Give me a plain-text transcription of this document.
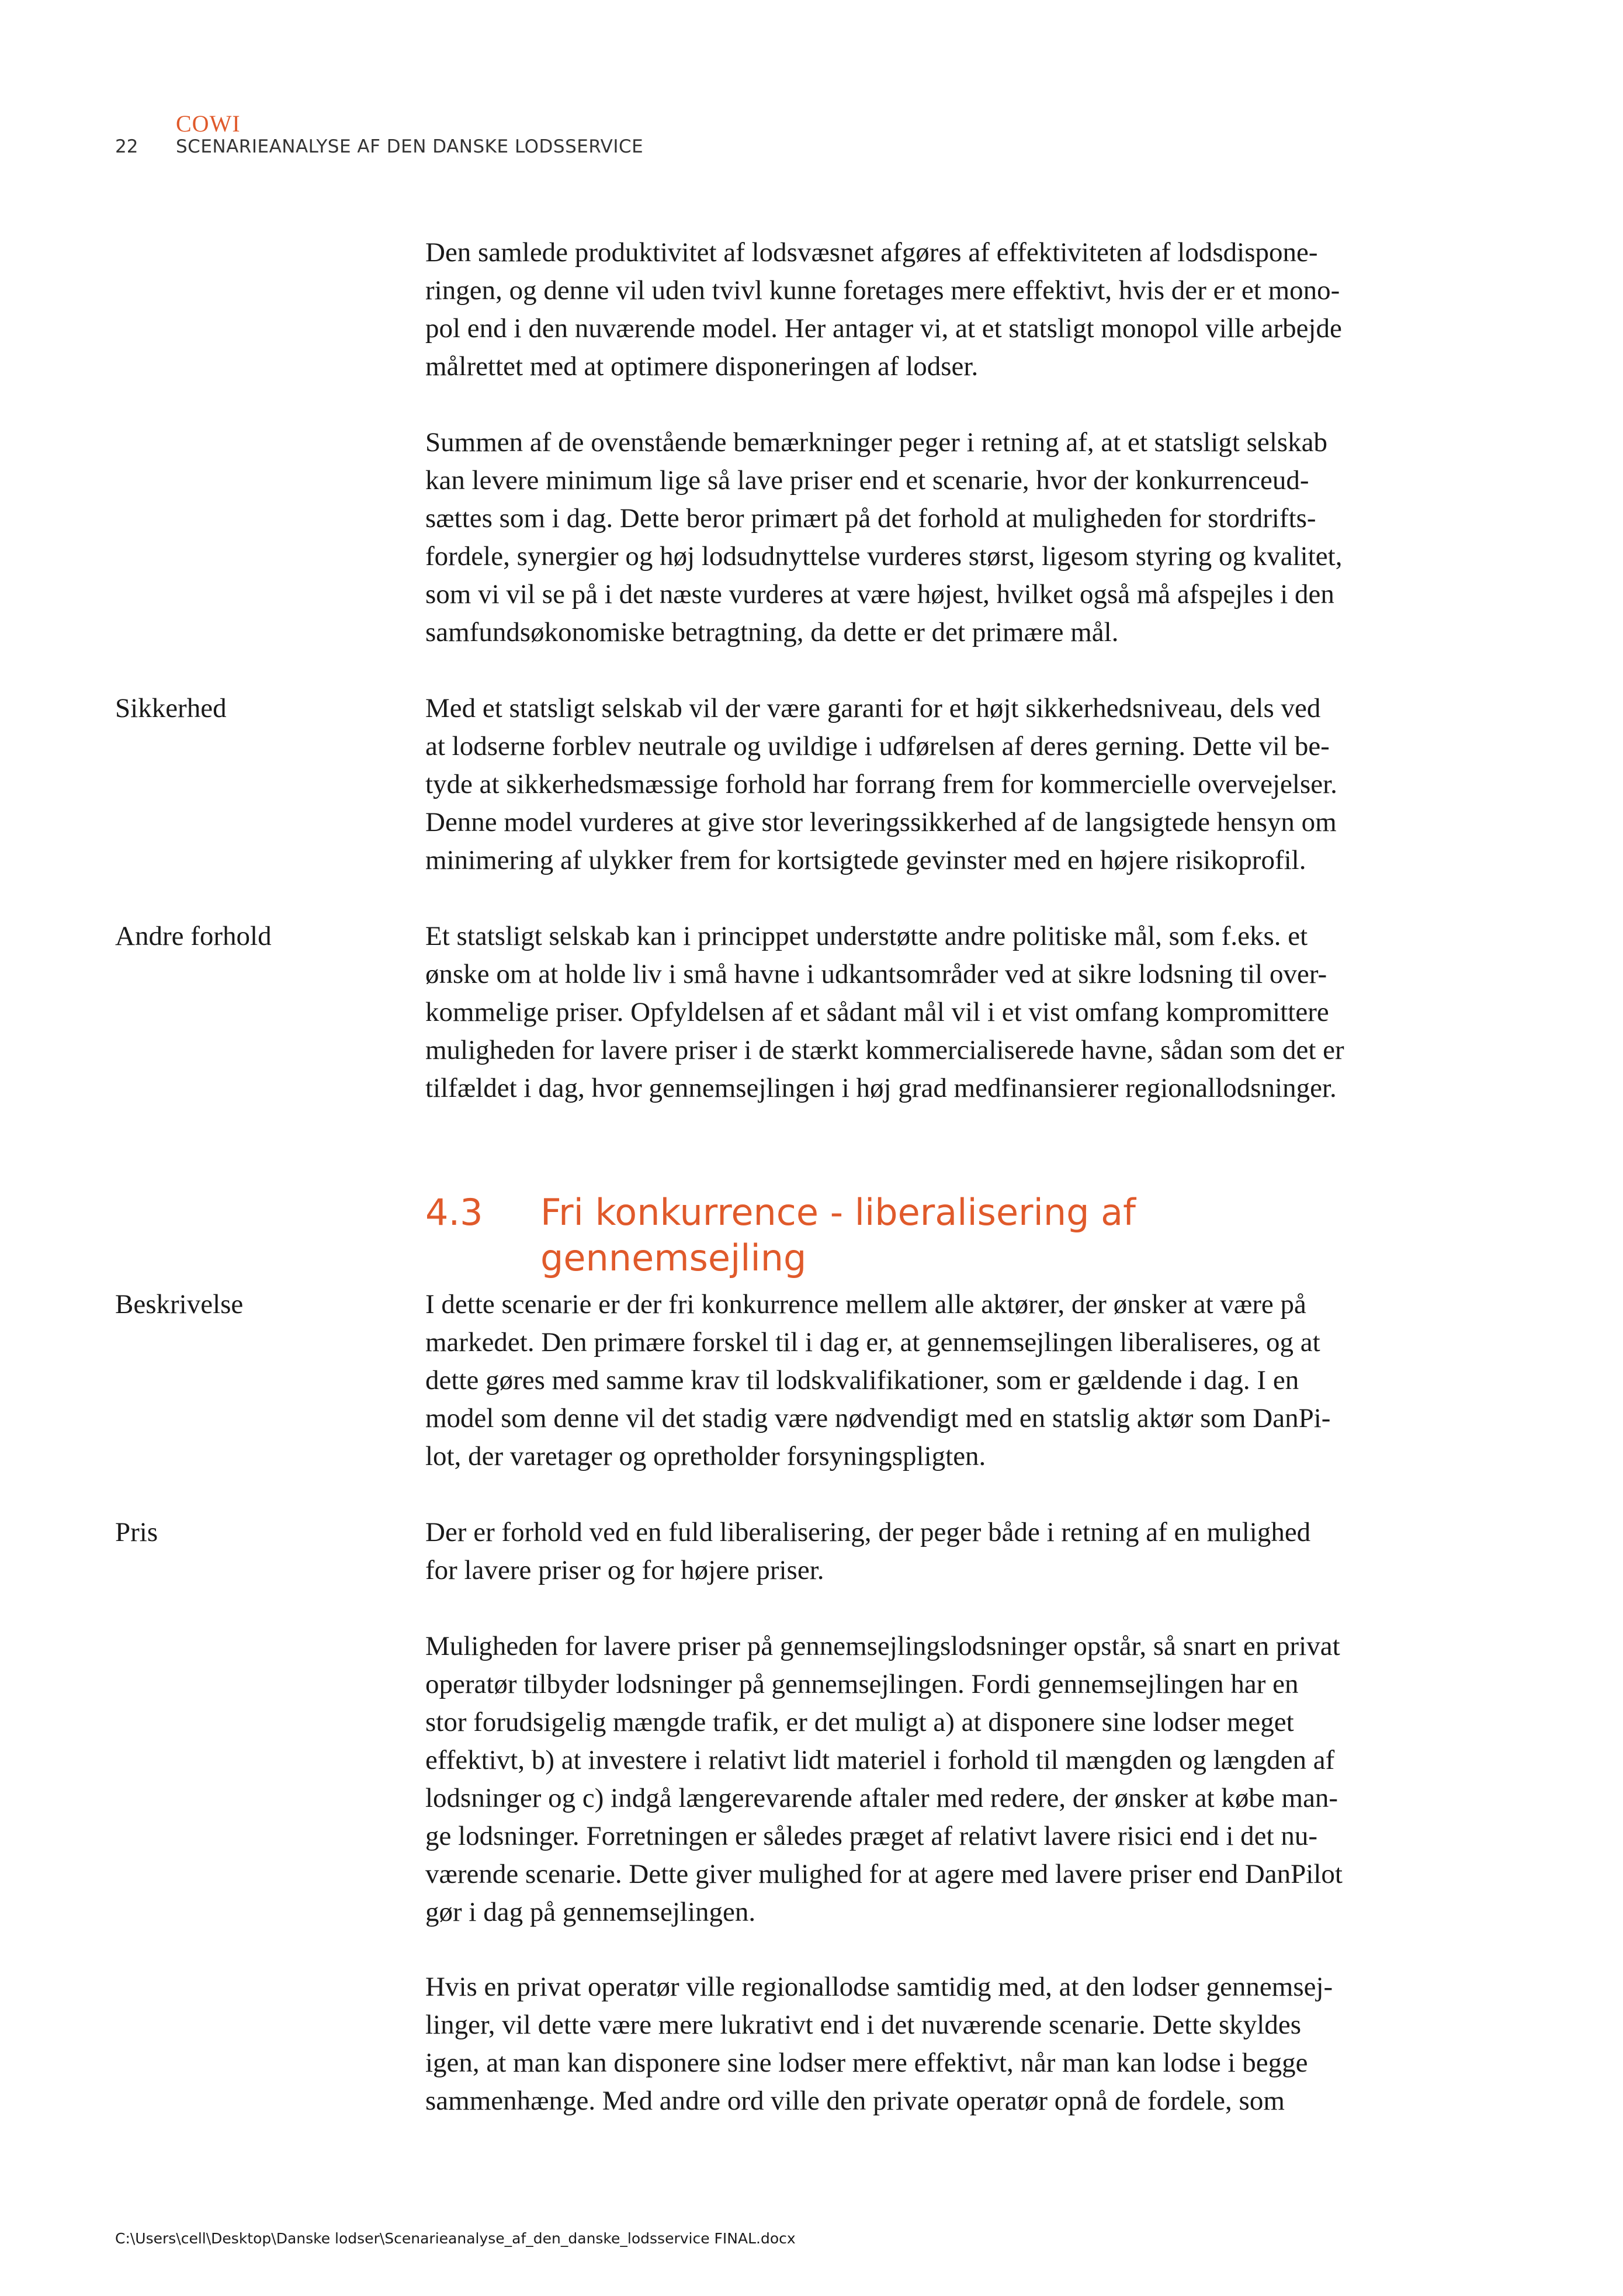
COWI
22 SCENARIEANALYSE AF DEN DANSKE LODSSERVICE

Den samlede produktivitet af lodsvæsnet afgøres af effektiviteten af lodsdispone-
ringen, og denne vil uden tvivl kunne foretages mere effektivt, hvis der er et mono-
pol end i den nuværende model. Her antager vi, at et statsligt monopol ville arbejde
målrettet med at optimere disponeringen af lodser.

Summen af de ovenstående bemærkninger peger i retning af, at et statsligt selskab
kan levere minimum lige så lave priser end et scenarie, hvor der konkurrenceud-
sættes som i dag. Dette beror primært på det forhold at muligheden for stordrifts-
fordele, synergier og høj lodsudnyttelse vurderes størst, ligesom styring og kvalitet,
som vi vil se på i det næste vurderes at være højest, hvilket også må afspejles i den
samfundsøkonomiske betragtning, da dette er det primære mål.

Sikkerhed	Med et statsligt selskab vil der være garanti for et højt sikkerhedsniveau, dels ved
at lodserne forblev neutrale og uvildige i udførelsen af deres gerning. Dette vil be-
tyde at sikkerhedsmæssige forhold har forrang frem for kommercielle overvejelser.
Denne model vurderes at give stor leveringssikkerhed af de langsigtede hensyn om
minimering af ulykker frem for kortsigtede gevinster med en højere risikoprofil.

Andre forhold	Et statsligt selskab kan i princippet understøtte andre politiske mål, som f.eks. et
ønske om at holde liv i små havne i udkantsområder ved at sikre lodsning til over-
kommelige priser. Opfyldelsen af et sådant mål vil i et vist omfang kompromittere
muligheden for lavere priser i de stærkt kommercialiserede havne, sådan som det er
tilfældet i dag, hvor gennemsejlingen i høj grad medfinansierer regionallodsninger.

4.3	Fri konkurrence - liberalisering af gennemsejling

Beskrivelse	I dette scenarie er der fri konkurrence mellem alle aktører, der ønsker at være på
markedet. Den primære forskel til i dag er, at gennemsejlingen liberaliseres, og at
dette gøres med samme krav til lodskvalifikationer, som er gældende i dag. I en
model som denne vil det stadig være nødvendigt med en statslig aktør som DanPi-
lot, der varetager og opretholder forsyningspligten.

Pris	Der er forhold ved en fuld liberalisering, der peger både i retning af en mulighed
for lavere priser og for højere priser.

Muligheden for lavere priser på gennemsejlingslodsninger opstår, så snart en privat
operatør tilbyder lodsninger på gennemsejlingen. Fordi gennemsejlingen har en
stor forudsigelig mængde trafik, er det muligt a) at disponere sine lodser meget
effektivt, b) at investere i relativt lidt materiel i forhold til mængden og længden af
lodsninger og c) indgå længerevarende aftaler med redere, der ønsker at købe man-
ge lodsninger. Forretningen er således præget af relativt lavere risici end i det nu-
værende scenarie. Dette giver mulighed for at agere med lavere priser end DanPilot
gør i dag på gennemsejlingen.

Hvis en privat operatør ville regionallodse samtidig med, at den lodser gennemsej-
linger, vil dette være mere lukrativt end i det nuværende scenarie. Dette skyldes
igen, at man kan disponere sine lodser mere effektivt, når man kan lodse i begge
sammenhænge. Med andre ord ville den private operatør opnå de fordele, som

C:\Users\cell\Desktop\Danske lodser\Scenarieanalyse_af_den_danske_lodsservice FINAL.docx
